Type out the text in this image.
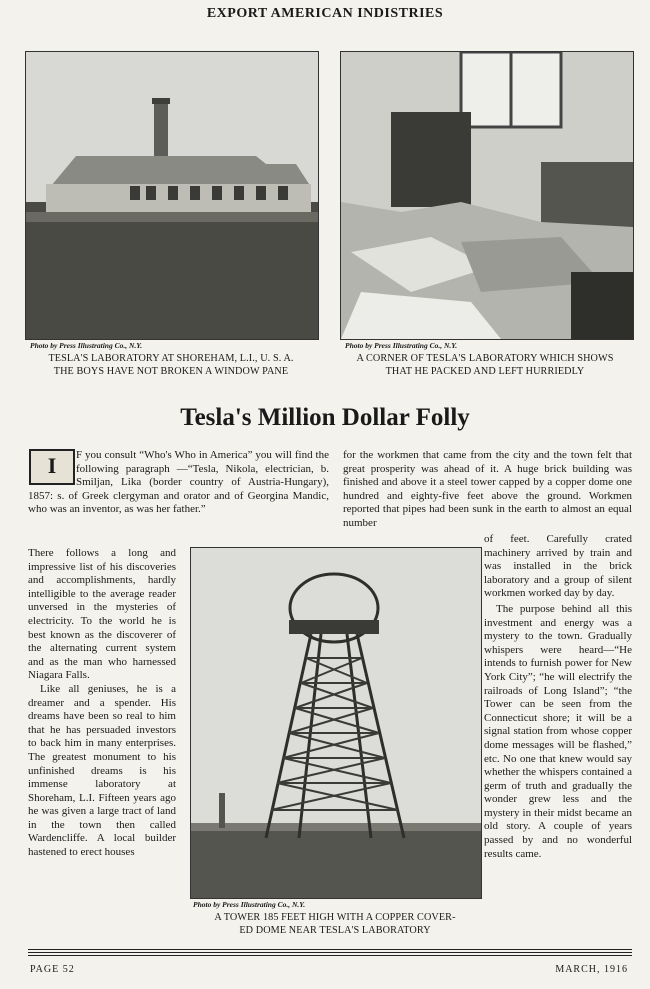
EXPORT AMERICAN INDISTRIES
Photo by Press Illustrating Co., N.Y.
TESLA'S LABORATORY AT SHOREHAM, L.I., U. S. A.
THE BOYS HAVE NOT BROKEN A WINDOW PANE
Photo by Press Illustrating Co., N.Y.
A CORNER OF TESLA'S LABORATORY WHICH SHOWS
THAT HE PACKED AND LEFT HURRIEDLY
Tesla's Million Dollar Folly
I	F you consult “Who's Who in America” you will find the following paragraph —“Tesla, Nikola, electrician, b. Smiljan, Lika (border country of Austria-Hungary), 1857: s. of Greek clergyman and orator and of Georgina Mandic, who was an inventor, as was her father.”

There follows a long and impressive list of his discoveries and accomplishments, hardly intelligible to the average reader unversed in the mysteries of electricity. To the world he is best known as the discoverer of the alternating current system and as the man who harnessed Niagara Falls.

Like all geniuses, he is a dreamer and a spender. His dreams have been so real to him that he has persuaded investors to back him in many enterprises. The greatest monument to his unfinished dreams is his immense laboratory at Shoreham, L.I. Fifteen years ago he was given a large tract of land in the town then called Wardencliffe. A local builder hastened to erect houses

for the workmen that came from the city and the town felt that great prosperity was ahead of it. A huge brick building was finished and above it a steel tower capped by a copper dome one hundred and eighty-five feet above the ground. Workmen reported that pipes had been sunk in the earth to almost an equal number

of feet. Carefully crated machinery arrived by train and was installed in the brick laboratory and a group of silent workmen worked day by day.

The purpose behind all this investment and energy was a mystery to the town. Gradually whispers were heard—“He intends to furnish power for New York City”; “he will electrify the railroads of Long Island”; “the Tower can be seen from the Connecticut shore; it will be a signal station from whose copper dome messages will be flashed,” etc. No one that knew would say whether the whispers contained a germ of truth and gradually the wonder grew less and the mystery in their midst became an old story. A couple of years passed by and no wonderful results came.

Photo by Press Illustrating Co., N.Y.
A TOWER 185 FEET HIGH WITH A COPPER COVER-
ED DOME NEAR TESLA'S LABORATORY
PAGE 52	MARCH, 1916
